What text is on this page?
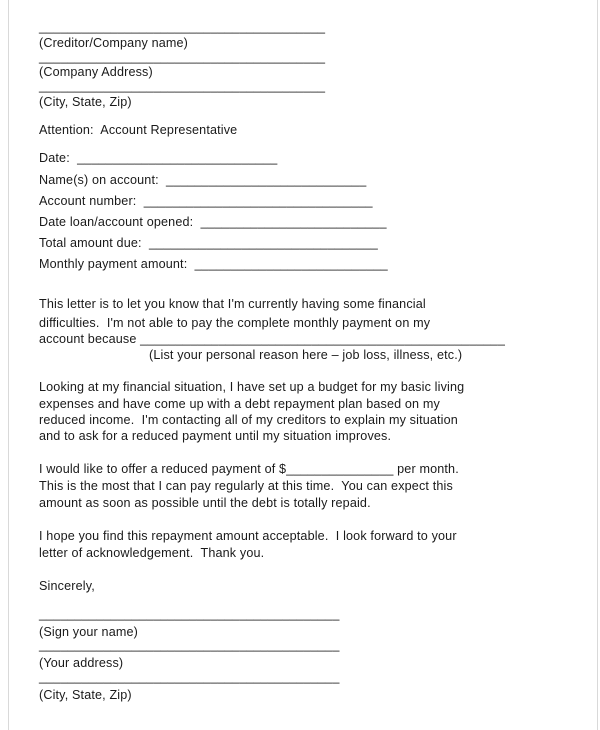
________________________________________
(Creditor/Company name)
________________________________________
(Company Address)
________________________________________
(City, State, Zip)
Attention:  Account Representative
Date:  ____________________________
Name(s) on account:  ____________________________
Account number:  ________________________________
Date loan/account opened:  __________________________
Total amount due:  ________________________________
Monthly payment amount:  ___________________________
This letter is to let you know that I'm currently having some financial
difficulties.  I'm not able to pay the complete monthly payment on my
account because ___________________________________________________
(List your personal reason here – job loss, illness, etc.)
Looking at my financial situation, I have set up a budget for my basic living
expenses and have come up with a debt repayment plan based on my
reduced income.  I'm contacting all of my creditors to explain my situation
and to ask for a reduced payment until my situation improves.
I would like to offer a reduced payment of $_______________ per month.
This is the most that I can pay regularly at this time.  You can expect this
amount as soon as possible until the debt is totally repaid.
I hope you find this repayment amount acceptable.  I look forward to your
letter of acknowledgement.  Thank you.
Sincerely,
__________________________________________
(Sign your name)
__________________________________________
(Your address)
__________________________________________
(City, State, Zip)
